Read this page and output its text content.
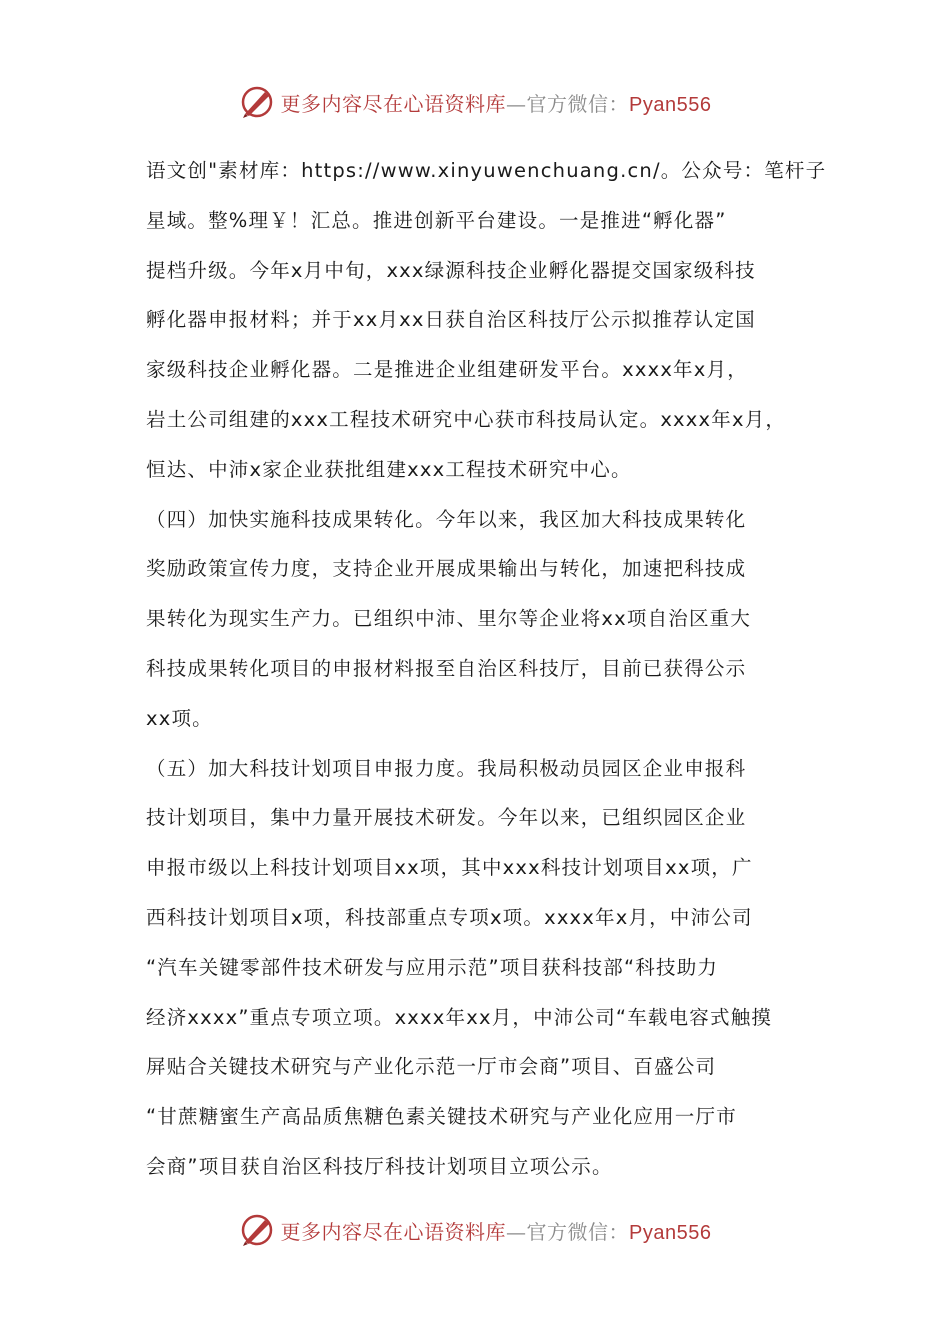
更多内容尽在心语资料库—官方微信：Pyan556
语文创"素材库：https://www.xinyuwenchuang.cn/。公众号：笔杆子
星域。整%理￥！汇总。推进创新平台建设。一是推进“孵化器”
提档升级。今年x月中旬，xxx绿源科技企业孵化器提交国家级科技
孵化器申报材料；并于xx月xx日获自治区科技厅公示拟推荐认定国
家级科技企业孵化器。二是推进企业组建研发平台。xxxx年x月，
岩土公司组建的xxx工程技术研究中心获市科技局认定。xxxx年x月，
恒达、中沛x家企业获批组建xxx工程技术研究中心。
（四）加快实施科技成果转化。今年以来，我区加大科技成果转化
奖励政策宣传力度，支持企业开展成果输出与转化，加速把科技成
果转化为现实生产力。已组织中沛、里尔等企业将xx项自治区重大
科技成果转化项目的申报材料报至自治区科技厅，目前已获得公示
xx项。
（五）加大科技计划项目申报力度。我局积极动员园区企业申报科
技计划项目，集中力量开展技术研发。今年以来，已组织园区企业
申报市级以上科技计划项目xx项，其中xxx科技计划项目xx项，广
西科技计划项目x项，科技部重点专项x项。xxxx年x月，中沛公司
“汽车关键零部件技术研发与应用示范”项目获科技部“科技助力
经济xxxx”重点专项立项。xxxx年xx月，中沛公司“车载电容式触摸
屏贴合关键技术研究与产业化示范一厅市会商”项目、百盛公司
“甘蔗糖蜜生产高品质焦糖色素关键技术研究与产业化应用一厅市
会商”项目获自治区科技厅科技计划项目立项公示。
更多内容尽在心语资料库—官方微信：Pyan556
